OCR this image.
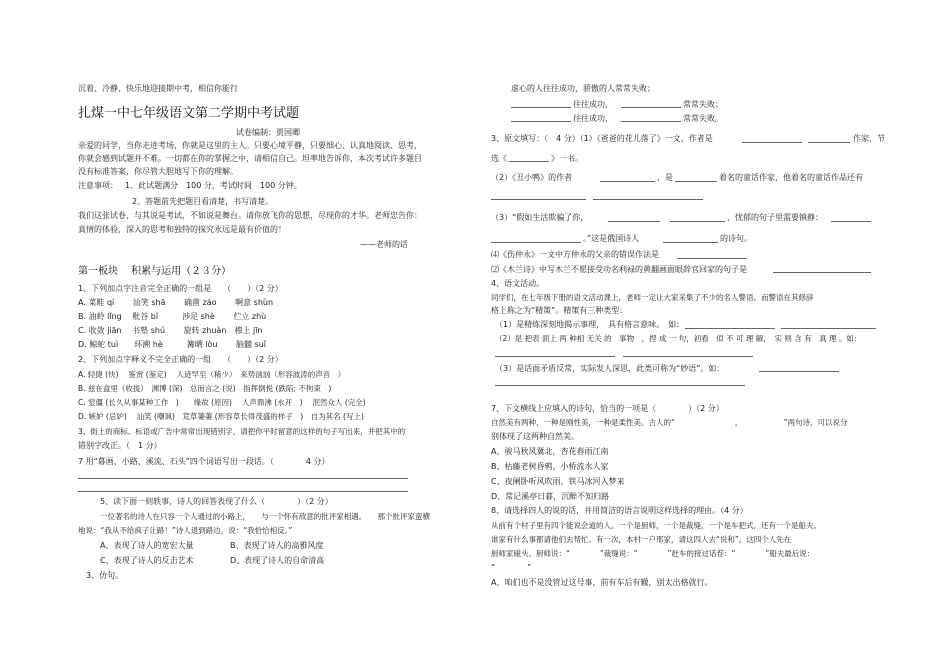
沉着、冷静、快乐地迎接期中考，相信你能行
扎煤一中七年级语文第二学期中考试题
试卷编制：贾国卿
亲爱的同学，当你走进考场，你就是这里的主人。只要心境平静，只要细心、认真地阅读、思考，
你就会感到试题并不难。一切都在你的掌握之中，请相信自己。坦率地告诉你，本次考试许多题目
没有标准答案，你尽管大胆地写下你的理解。
注意事项： 1、此试题满分　100 分，考试时间　100 分钟。
2、答题前先把题目看清楚，书写清楚。
我们这张试卷，与其说是考试，不如说是舞台。请你放飞你的思想，尽现你的才华。老师忠告你：
真情的体验，深入的思考和独特的探究永远是最有价值的！
——老师的话
第一板块　 积累与运用（２３分）
1、下列加点字注音完全正确的一组是　　（　　）（2 分）
A. 菜畦 qí　　 汕笑 shā　　 确凿 záo　　 啊意 shùn
B. 油蛉 lǐng　 秕谷 bǐ　　　涉足 shè　　 伫立 zhù
C. 收敛 jiān　 书塾 shú　　 旋转 zhuàn　穆上 jīn
D. 鲸蛇 tuì　　环溯 hè　　　篝晒 lòu　　 脑髓 suǐ
2、下列加点字释义不完全正确的一组　　（　　）（2 分）
A. 轻捷 (快)　 鉴赏 (鉴定)　 人迹罕至（稀少）　来势汹汹（形容波涛的声音　）
B. 兹在盒里（收拢）　渊博 (深)　总而言之 (说)　指挥倒悦 (跌陷; 不拘束　)
C. 窒僵 (长久从事某种工作　)　　缘故 (原因)　 人声鼎沸 (水开　)　 泯然众人 (完全)
D. 嫉妒 (忌妒)　 汕笑 (嘲讽)　荒草萋萋 (形容草长得茂盛的样子　)　自为其名 (写上)
3、街上的商标、标语或广告中常常出现错别字，请把你平时留意的这样的句子写出来，并把其中的
错别字改正。（　1 分）
7 用“暮画、小路、溪流、石头”四个词语写出一段话。（　　　　4 分）
5、读下面一则轶事，诗人的回答表现了什么（　　　　）（2 分）
一位著名的诗人在只容一个人通过的小路上，　　与一个怀有敌意的批评家相遇。　　那个批评家蛮横
地说：“我从不给疯子让路！”诗人退到路边，说：“我恰恰相反。”
A、表现了诗人的宽宏大量	B、表现了诗人的高雅风度
C、表现了诗人的反击艺术	D、表现了诗人的自命清高
3、仿句。
虚心的人往往成功，骄傲的人常常失败；
往往成功，	常常失败；
往往成功，	常常失败。
3、原文填写：（　4 分）（1）《爸爸的花儿落了》一文，作者是	作家，节
选《	》一书。
（2）《丑小鸭》的作者	，是	着名的童话作家，他着名的童话作品还有
（3）“假如生活欺骗了你，	，忧郁的句子里需要镇静：
。”这是俄国诗人	的诗句。
⑷《伤仲永》一文中方仲永的父亲的错误作法是
⑵《木兰诗》中写木兰不愿接受功名利禄的黄翻画面眼辞官回家的句子是
4、语文活动。
同学们，在七年级下册的语文活动课上，老师一定让大家采集了不少的名人警语。而警语在其修辞
格上称之为“精策”。精策有三种类型：
（1）是精炼深刻地揭示事理，　具有格言意味。　如：
（2）是 把表 面上 两 种相 无关 的　事物　，捏 成 一 句，初看　似 不 可 理 解，　实 则 含 有　真 理 。如：
（3）是话面矛盾反常，实际发人深思，此类可称为“妙语”。如：
7、下文横线上应填入的诗句，恰当的一项是（　　　　）（2 分）
自然美有两种，一种是刚性美，一种是柔性美。古人的“　　　　　　　　，　　　　　　”两句诗，可以说分
别体现了这两种自然美。
A、骏马秋风冀北，杏花春雨江南
B、枯藤老树昏鸦，小桥流水人家
C、夜阑卧听风吹雨，铁马冰河入梦来
D、常记溪亭日暮，沉醉不知归路
8、请选择四人的说的话，并用简洁的语言说明这样选择的理由。（4 分）
从前有个村子里有四个能说会道的人。一个是厨师，一个是裁缝，一个是车把式，还有一个是船夫。
谁家有什么事都请他们去帮忙。有一次，本村一户邢家，请这四人去“说和”。这四个人先在
厨师家碰头。厨师说：“　　　　”裁缝说：“　　　　”赶车的接过话茬：“　　　　”船夫最后说：
“　　　　”
A、咱们也不是没管过这号事，前有车后有辙，别太出格就行。
